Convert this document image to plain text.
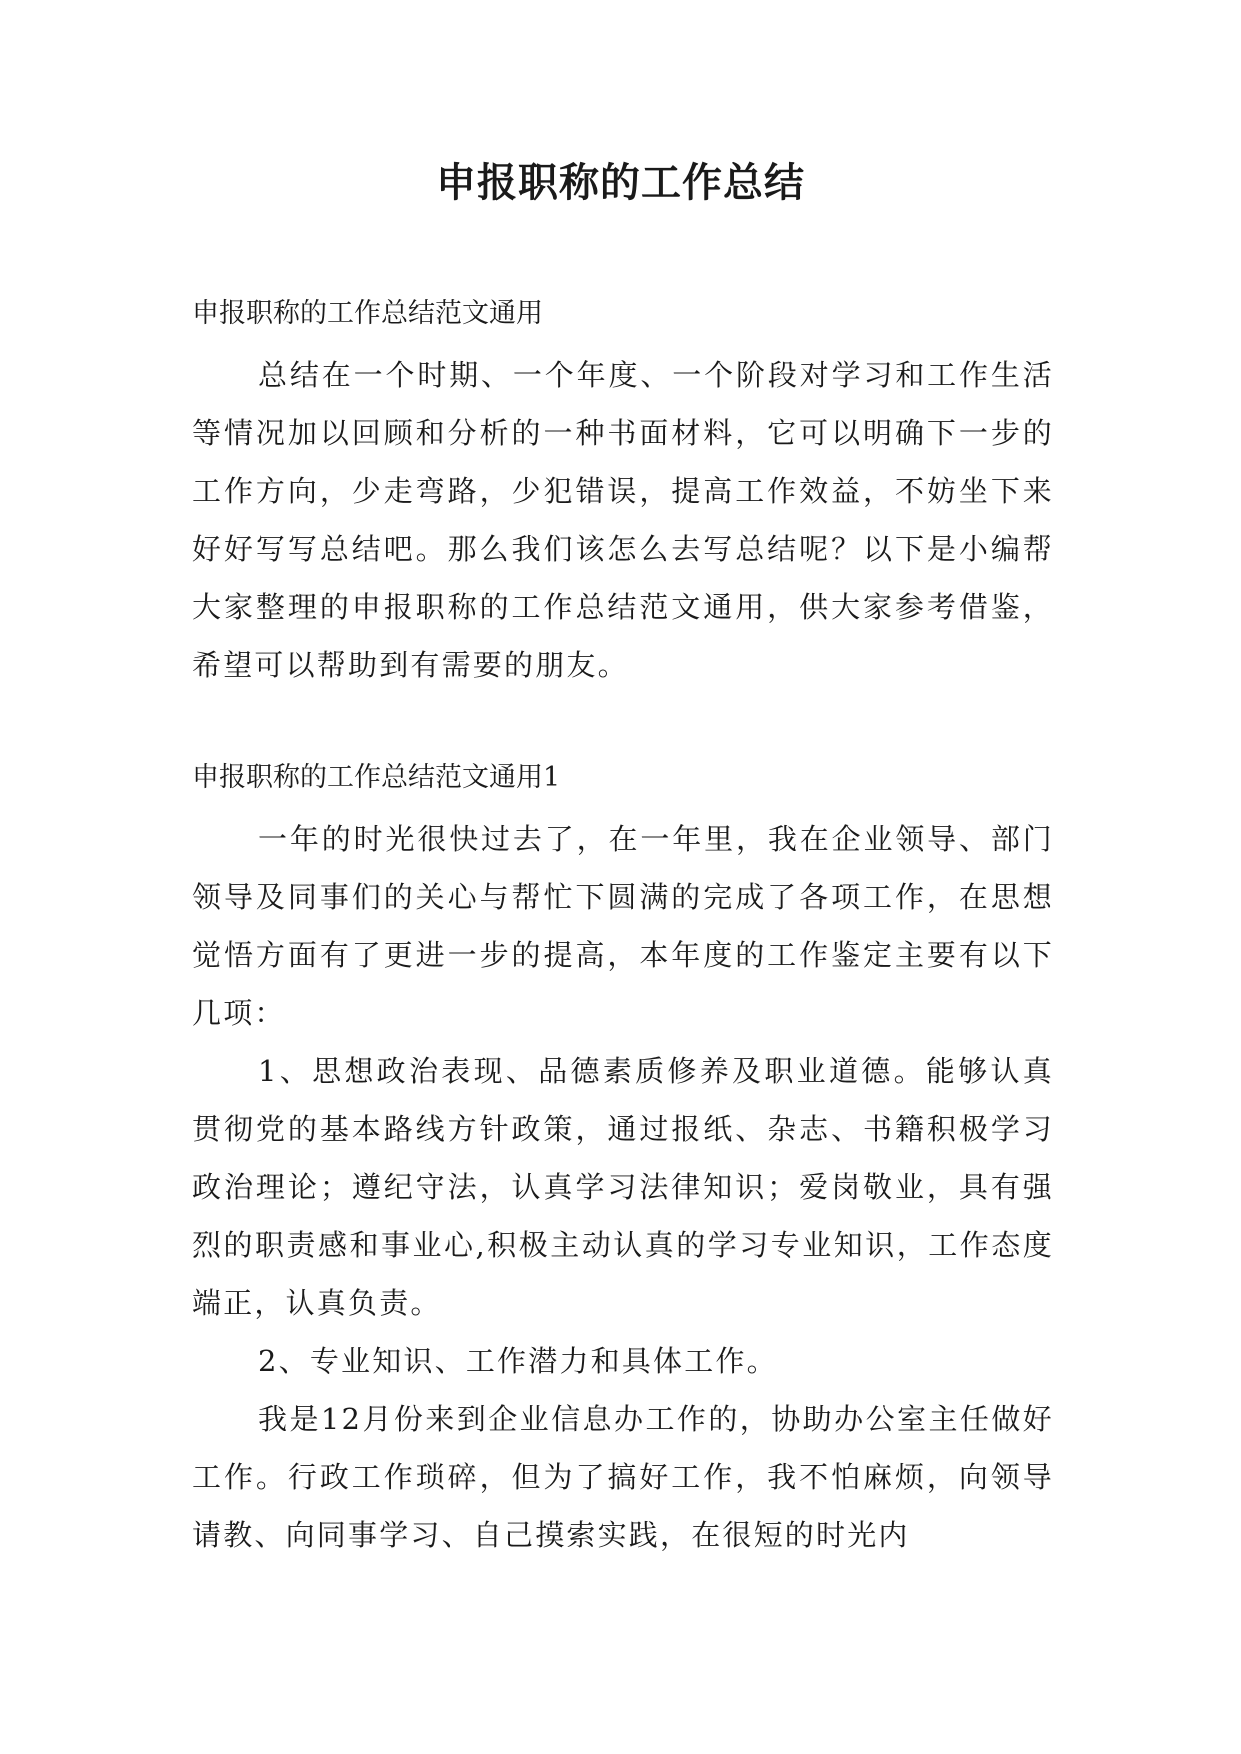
申报职称的工作总结

申报职称的工作总结范文通用

总结在一个时期、一个年度、一个阶段对学习和工作生活等情况加以回顾和分析的一种书面材料，它可以明确下一步的工作方向，少走弯路，少犯错误，提高工作效益，不妨坐下来好好写写总结吧。那么我们该怎么去写总结呢？以下是小编帮大家整理的申报职称的工作总结范文通用，供大家参考借鉴，希望可以帮助到有需要的朋友。

申报职称的工作总结范文通用1

一年的时光很快过去了，在一年里，我在企业领导、部门领导及同事们的关心与帮忙下圆满的完成了各项工作，在思想觉悟方面有了更进一步的提高，本年度的工作鉴定主要有以下几项：

1、思想政治表现、品德素质修养及职业道德。能够认真贯彻党的基本路线方针政策，通过报纸、杂志、书籍积极学习政治理论；遵纪守法，认真学习法律知识；爱岗敬业，具有强烈的职责感和事业心,积极主动认真的学习专业知识，工作态度端正，认真负责。

2、专业知识、工作潜力和具体工作。

我是12月份来到企业信息办工作的，协助办公室主任做好工作。行政工作琐碎，但为了搞好工作，我不怕麻烦，向领导请教、向同事学习、自己摸索实践，在很短的时光内
